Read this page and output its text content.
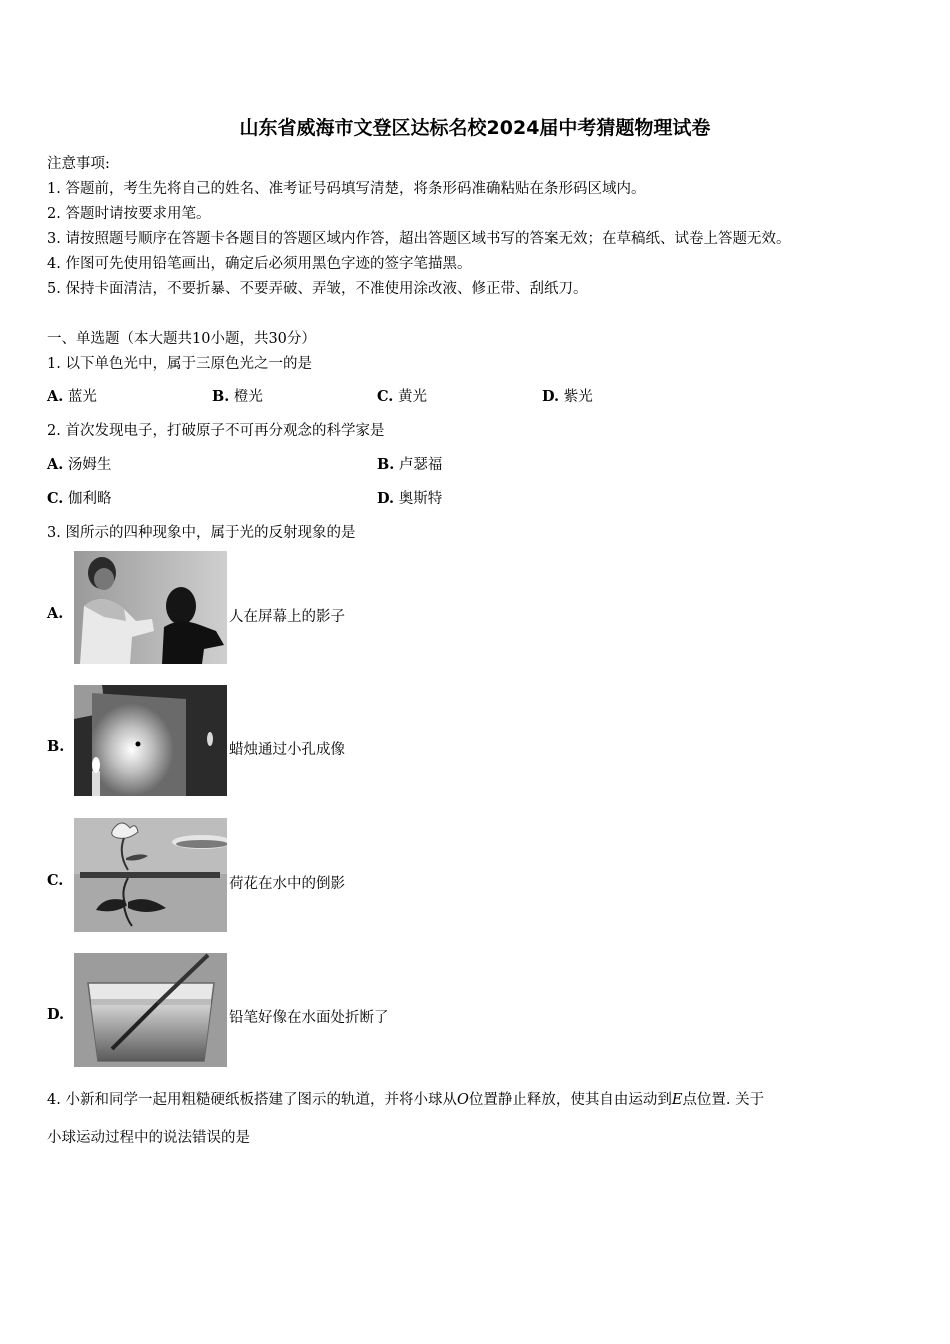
山东省威海市文登区达标名校2024届中考猜题物理试卷
注意事项:
1. 答题前，考生先将自己的姓名、准考证号码填写清楚，将条形码准确粘贴在条形码区域内。
2. 答题时请按要求用笔。
3. 请按照题号顺序在答题卡各题目的答题区域内作答，超出答题区域书写的答案无效；在草稿纸、试卷上答题无效。
4. 作图可先使用铅笔画出，确定后必须用黑色字迹的签字笔描黑。
5. 保持卡面清洁，不要折暴、不要弄破、弄皱，不准使用涂改液、修正带、刮纸刀。
一、单选题（本大题共10小题，共30分）
1. 以下单色光中，属于三原色光之一的是
A. 蓝光	B. 橙光	C. 黄光	D. 紫光
2. 首次发现电子，打破原子不可再分观念的科学家是
A. 汤姆生	B. 卢瑟福
C. 伽利略	D. 奥斯特
3. 图所示的四种现象中，属于光的反射现象的是
A.	人在屏幕上的影子
B.	蜡烛通过小孔成像
C.	荷花在水中的倒影
D.	铅笔好像在水面处折断了
4. 小新和同学一起用粗糙硬纸板搭建了图示的轨道，并将小球从O位置静止释放，使其自由运动到E点位置. 关于
小球运动过程中的说法错误的是
